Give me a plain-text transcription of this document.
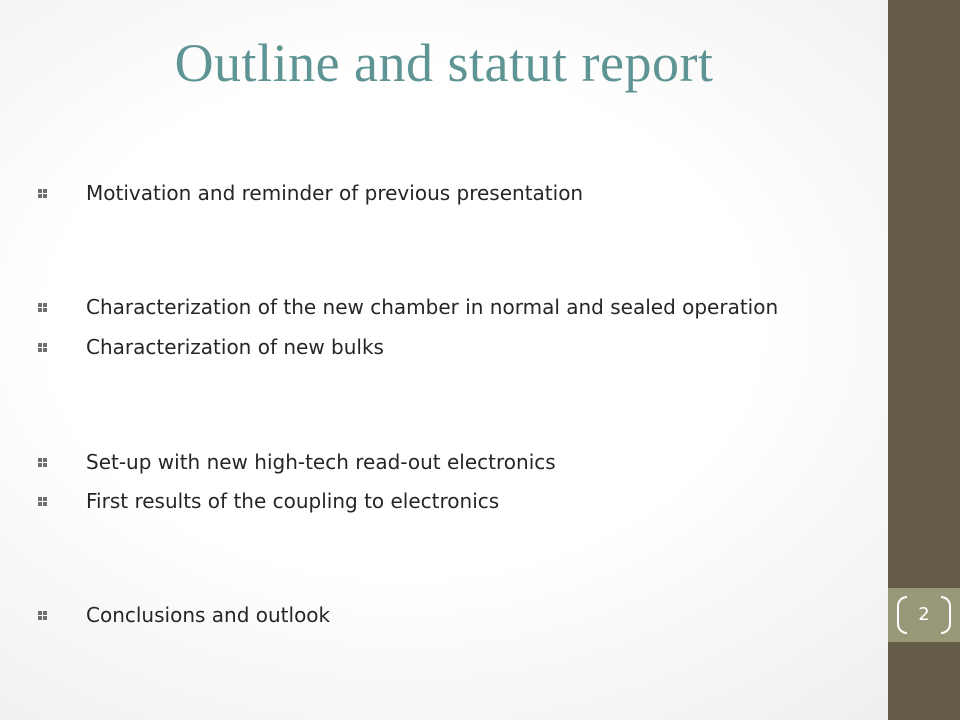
Outline and statut report
Motivation and reminder of previous presentation
Characterization of the new chamber in normal and sealed operation
Characterization of new bulks
Set-up with new high-tech read-out electronics
First results of the coupling to electronics
Conclusions and outlook	2
